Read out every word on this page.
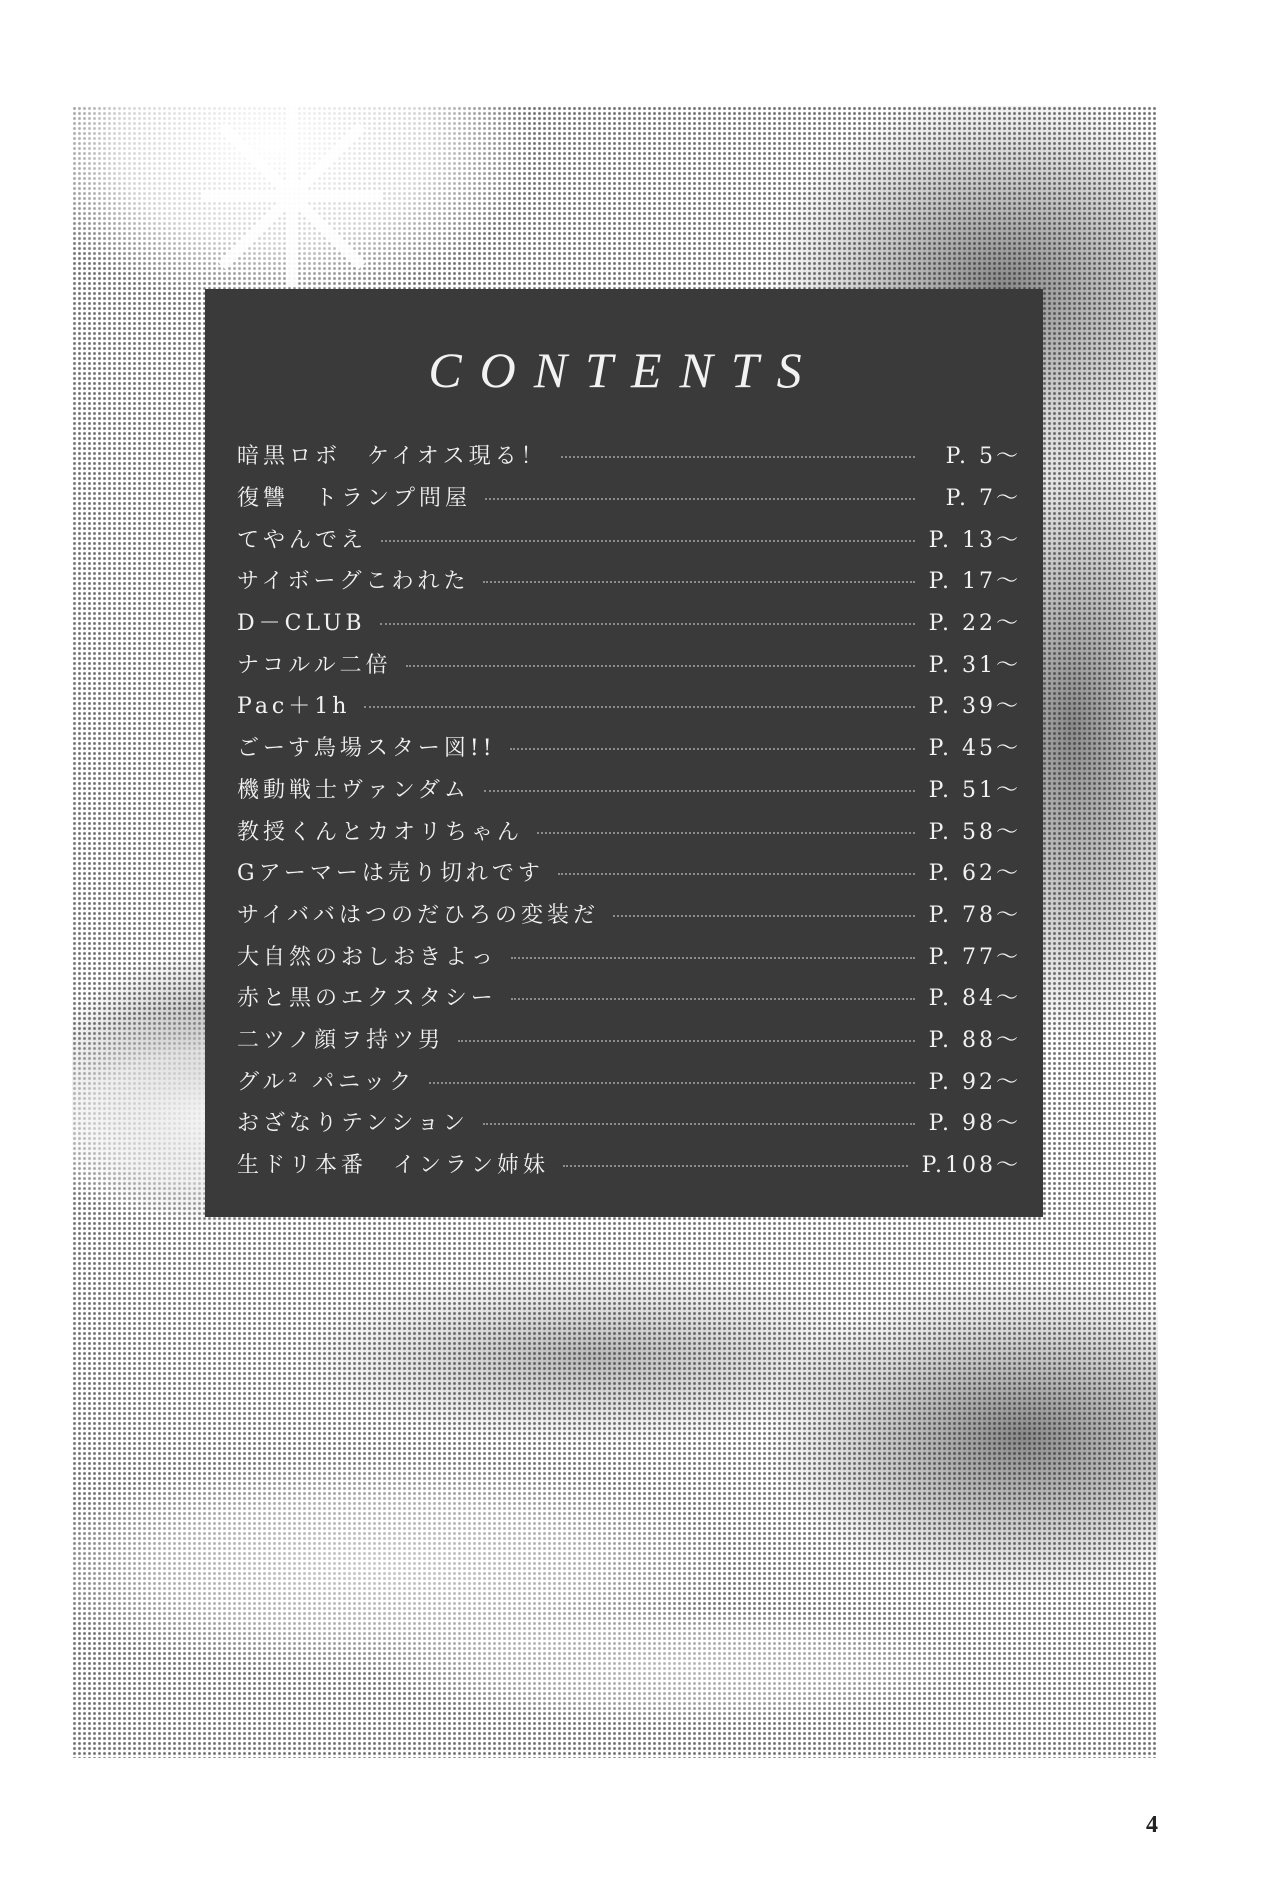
CONTENTS
暗黒ロボ　ケイオス現る！	P. 5～
復讐　トランプ問屋	P. 7～
てやんでえ	P. 13～
サイボーグこわれた	P. 17～
D－CLUB	P. 22～
ナコルル二倍	P. 31～
Pac＋1h	P. 39～
ごーす鳥場スター図!!	P. 45～
機動戦士ヴァンダム	P. 51～
教授くんとカオリちゃん	P. 58～
Gアーマーは売り切れです	P. 62～
サイババはつのだひろの変装だ	P. 78～
大自然のおしおきよっ	P. 77～
赤と黒のエクスタシー	P. 84～
二ツノ顔ヲ持ツ男	P. 88～
グル² パニック	P. 92～
おざなりテンション	P. 98～
生ドリ本番　インラン姉妹	P.108～
4
